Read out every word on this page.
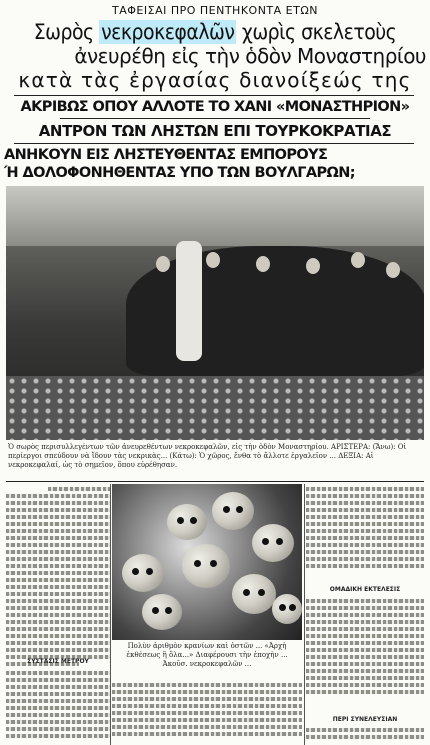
ΤΑΦΕΙΣΑΙ ΠΡΟ ΠΕΝΤΗΚΟΝΤΑ ΕΤΩΝ
Σωρὸς νεκροκεφαλῶν χωρὶς σκελετοὺς
ἀνευρέθη εἰς τὴν ὁδὸν Μοναστηρίου
κατὰ τὰς ἐργασίας διανοίξεώς της
ΑΚΡΙΒΩΣ ΟΠΟΥ ΑΛΛΟΤΕ ΤΟ ΧΑΝΙ «ΜΟΝΑΣΤΗΡΙΟΝ»
ΑΝΤΡΟΝ ΤΩΝ ΛΗΣΤΩΝ ΕΠΙ ΤΟΥΡΚΟΚΡΑΤΙΑΣ
ΑΝΗΚΟΥΝ ΕΙΣ ΛΗΣΤΕΥΘΕΝΤΑΣ ΕΜΠΟΡΟΥΣ
Ή ΔΟΛΟΦΟΝΗΘΕΝΤΑΣ ΥΠΟ ΤΩΝ ΒΟΥΛΓΑΡΩΝ;
Ὁ σωρὸς περισυλλεγέντων τῶν ἀνευρεθέντων νεκροκεφαλῶν, εἰς τὴν ὁδὸν Μοναστηρίου. ΑΡΙΣΤΕΡΑ: (Ἄνω): Οἱ περίεργοι σπεύδουν νὰ ἴδουν τὰς νεκρικὰς... (Κάτω): Ὁ χῶρος, ἔνθα τὸ ἄλλοτε ἐργαλεῖον ... ΔΕΞΙΑ: Αἱ νεκροκεφαλαί, ὡς τὸ σημεῖον, ὅπου εὐρέθησαν.
ΣΥΣΤΑΣΙΣ ΜΕΤΡΟΥ
Πολὺν ἀριθμὸν κρανίων καὶ ὀστῶν ... «Ἀρχὴ ἐκθέσεως ἢ ὅλα...» Διαφέρουσι τὴν ἐποχὴν ... Ἀκοῦσ. νεκροκεφαλῶν ...
ΟΜΑΔΙΚΗ ΕΚΤΕΛΕΣΙΣ
ΠΕΡΙ ΣΥΝΕΛΕΥΣΙΑΝ
